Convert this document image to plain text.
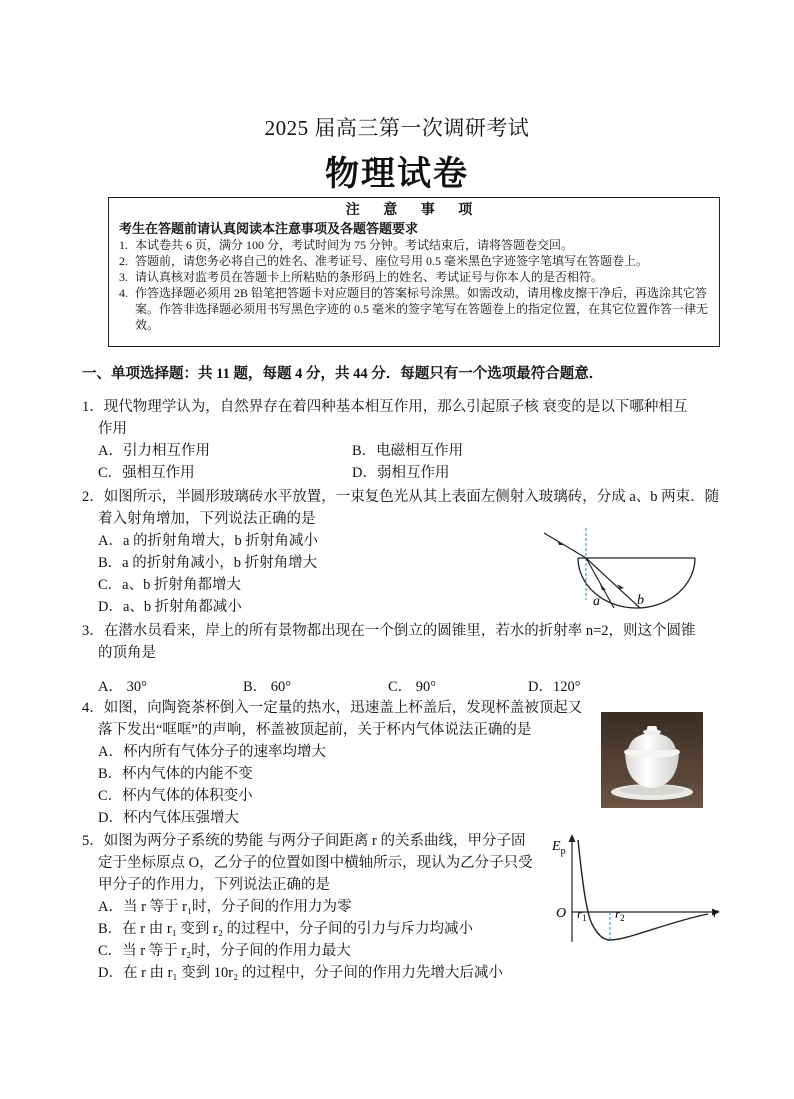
2025 届高三第一次调研考试
物理试卷
注 意 事 项
考生在答题前请认真阅读本注意事项及各题答题要求
1. 本试卷共 6 页，满分 100 分，考试时间为 75 分钟。考试结束后，请将答题卷交回。
2. 答题前，请您务必将自己的姓名、准考证号、座位号用 0.5 毫米黑色字迹签字笔填写在答题卷上。
3. 请认真核对监考员在答题卡上所粘贴的条形码上的姓名、考试证号与你本人的是否相符。
4. 作答选择题必须用 2B 铅笔把答题卡对应题目的答案标号涂黑。如需改动，请用橡皮擦干净后，再选涂其它答案。作答非选择题必须用书写黑色字迹的 0.5 毫米的签字笔写在答题卷上的指定位置，在其它位置作答一律无效。
一、单项选择题：共 11 题，每题 4 分，共 44 分．每题只有一个选项最符合题意．
1．现代物理学认为，自然界存在着四种基本相互作用，那么引起原子核 衰变的是以下哪种相互
作用
A．引力相互作用	B．电磁相互作用
C．强相互作用	D．弱相互作用
2．如图所示，半圆形玻璃砖水平放置，一束复色光从其上表面左侧射入玻璃砖，分成 a、b 两束．随
着入射角增加，下列说法正确的是
A．a 的折射角增大，b 折射角减小
B．a 的折射角减小，b 折射角增大
C．a、b 折射角都增大
D．a、b 折射角都减小	a	b
3．在潜水员看来，岸上的所有景物都出现在一个倒立的圆锥里，若水的折射率 n=2，则这个圆锥
的顶角是
A． 30°	B． 60°	C． 90°	D．120°
4．如图，向陶瓷茶杯倒入一定量的热水，迅速盖上杯盖后，发现杯盖被顶起又
落下发出“哐哐”的声响，杯盖被顶起前，关于杯内气体说法正确的是
A．杯内所有气体分子的速率均增大
B．杯内气体的内能不变
C．杯内气体的体积变小
D．杯内气体压强增大
5．如图为两分子系统的势能 与两分子间距离 r 的关系曲线，甲分子固
定于坐标原点 O，乙分子的位置如图中横轴所示，现认为乙分子只受
甲分子的作用力，下列说法正确的是
A．当 r 等于 r₁时，分子间的作用力为零
B．在 r 由 r₁ 变到 r₂ 的过程中，分子间的引力与斥力均减小
C．当 r 等于 r₂时，分子间的作用力最大
D．在 r 由 r₁ 变到 10r₂ 的过程中，分子间的作用力先增大后减小
$E_p$
O	r
$r_1$ $r_2$
